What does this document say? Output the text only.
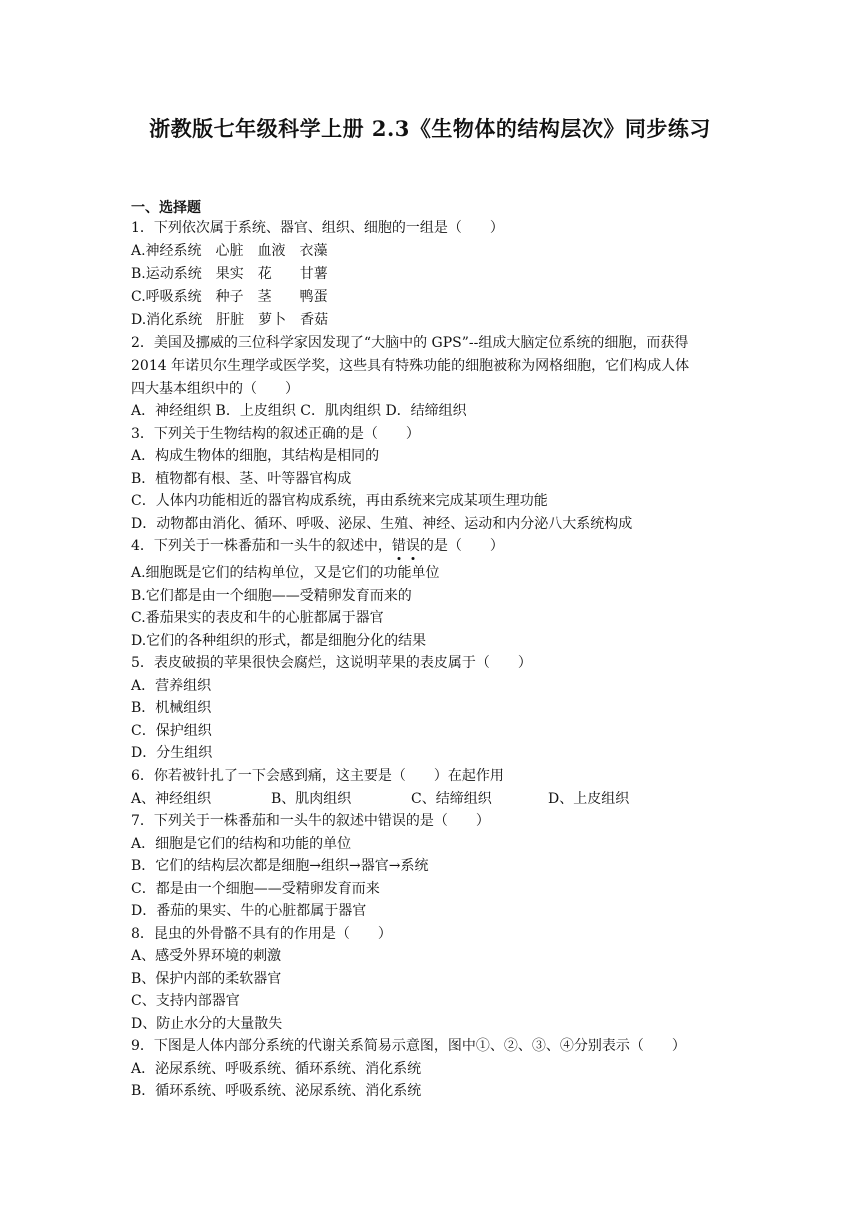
浙教版七年级科学上册 2.3《生物体的结构层次》同步练习
一、选择题
1．下列依次属于系统、器官、组织、细胞的一组是（　　）
A.神经系统　心脏　血液　衣藻
B.运动系统　果实　花　　甘薯
C.呼吸系统　种子　茎　　鸭蛋
D.消化系统　肝脏　萝卜　香菇
2．美国及挪威的三位科学家因发现了“大脑中的 GPS”--组成大脑定位系统的细胞，而获得
2014 年诺贝尔生理学或医学奖，这些具有特殊功能的细胞被称为网格细胞，它们构成人体
四大基本组织中的（　　）
A．神经组织 B．上皮组织 C．肌肉组织 D．结缔组织
3．下列关于生物结构的叙述正确的是（　　）
A．构成生物体的细胞，其结构是相同的
B．植物都有根、茎、叶等器官构成
C．人体内功能相近的器官构成系统，再由系统来完成某项生理功能
D．动物都由消化、循环、呼吸、泌尿、生殖、神经、运动和内分泌八大系统构成
4．下列关于一株番茄和一头牛的叙述中，错误的是（　　）
A.细胞既是它们的结构单位，又是它们的功能单位
B.它们都是由一个细胞——受精卵发育而来的
C.番茄果实的表皮和牛的心脏都属于器官
D.它们的各种组织的形式，都是细胞分化的结果
5．表皮破损的苹果很快会腐烂，这说明苹果的表皮属于（　　）
A．营养组织
B．机械组织
C．保护组织
D．分生组织
6．你若被针扎了一下会感到痛，这主要是（　　）在起作用
A、神经组织	B、肌肉组织	C、结缔组织	D、上皮组织
7．下列关于一株番茄和一头牛的叙述中错误的是（　　）
A．细胞是它们的结构和功能的单位
B．它们的结构层次都是细胞→组织→器官→系统
C．都是由一个细胞——受精卵发育而来
D．番茄的果实、牛的心脏都属于器官
8．昆虫的外骨骼不具有的作用是（　　）
A、感受外界环境的刺激
B、保护内部的柔软器官
C、支持内部器官
D、防止水分的大量散失
9．下图是人体内部分系统的代谢关系简易示意图，图中①、②、③、④分别表示（　　）
A．泌尿系统、呼吸系统、循环系统、消化系统
B．循环系统、呼吸系统、泌尿系统、消化系统
